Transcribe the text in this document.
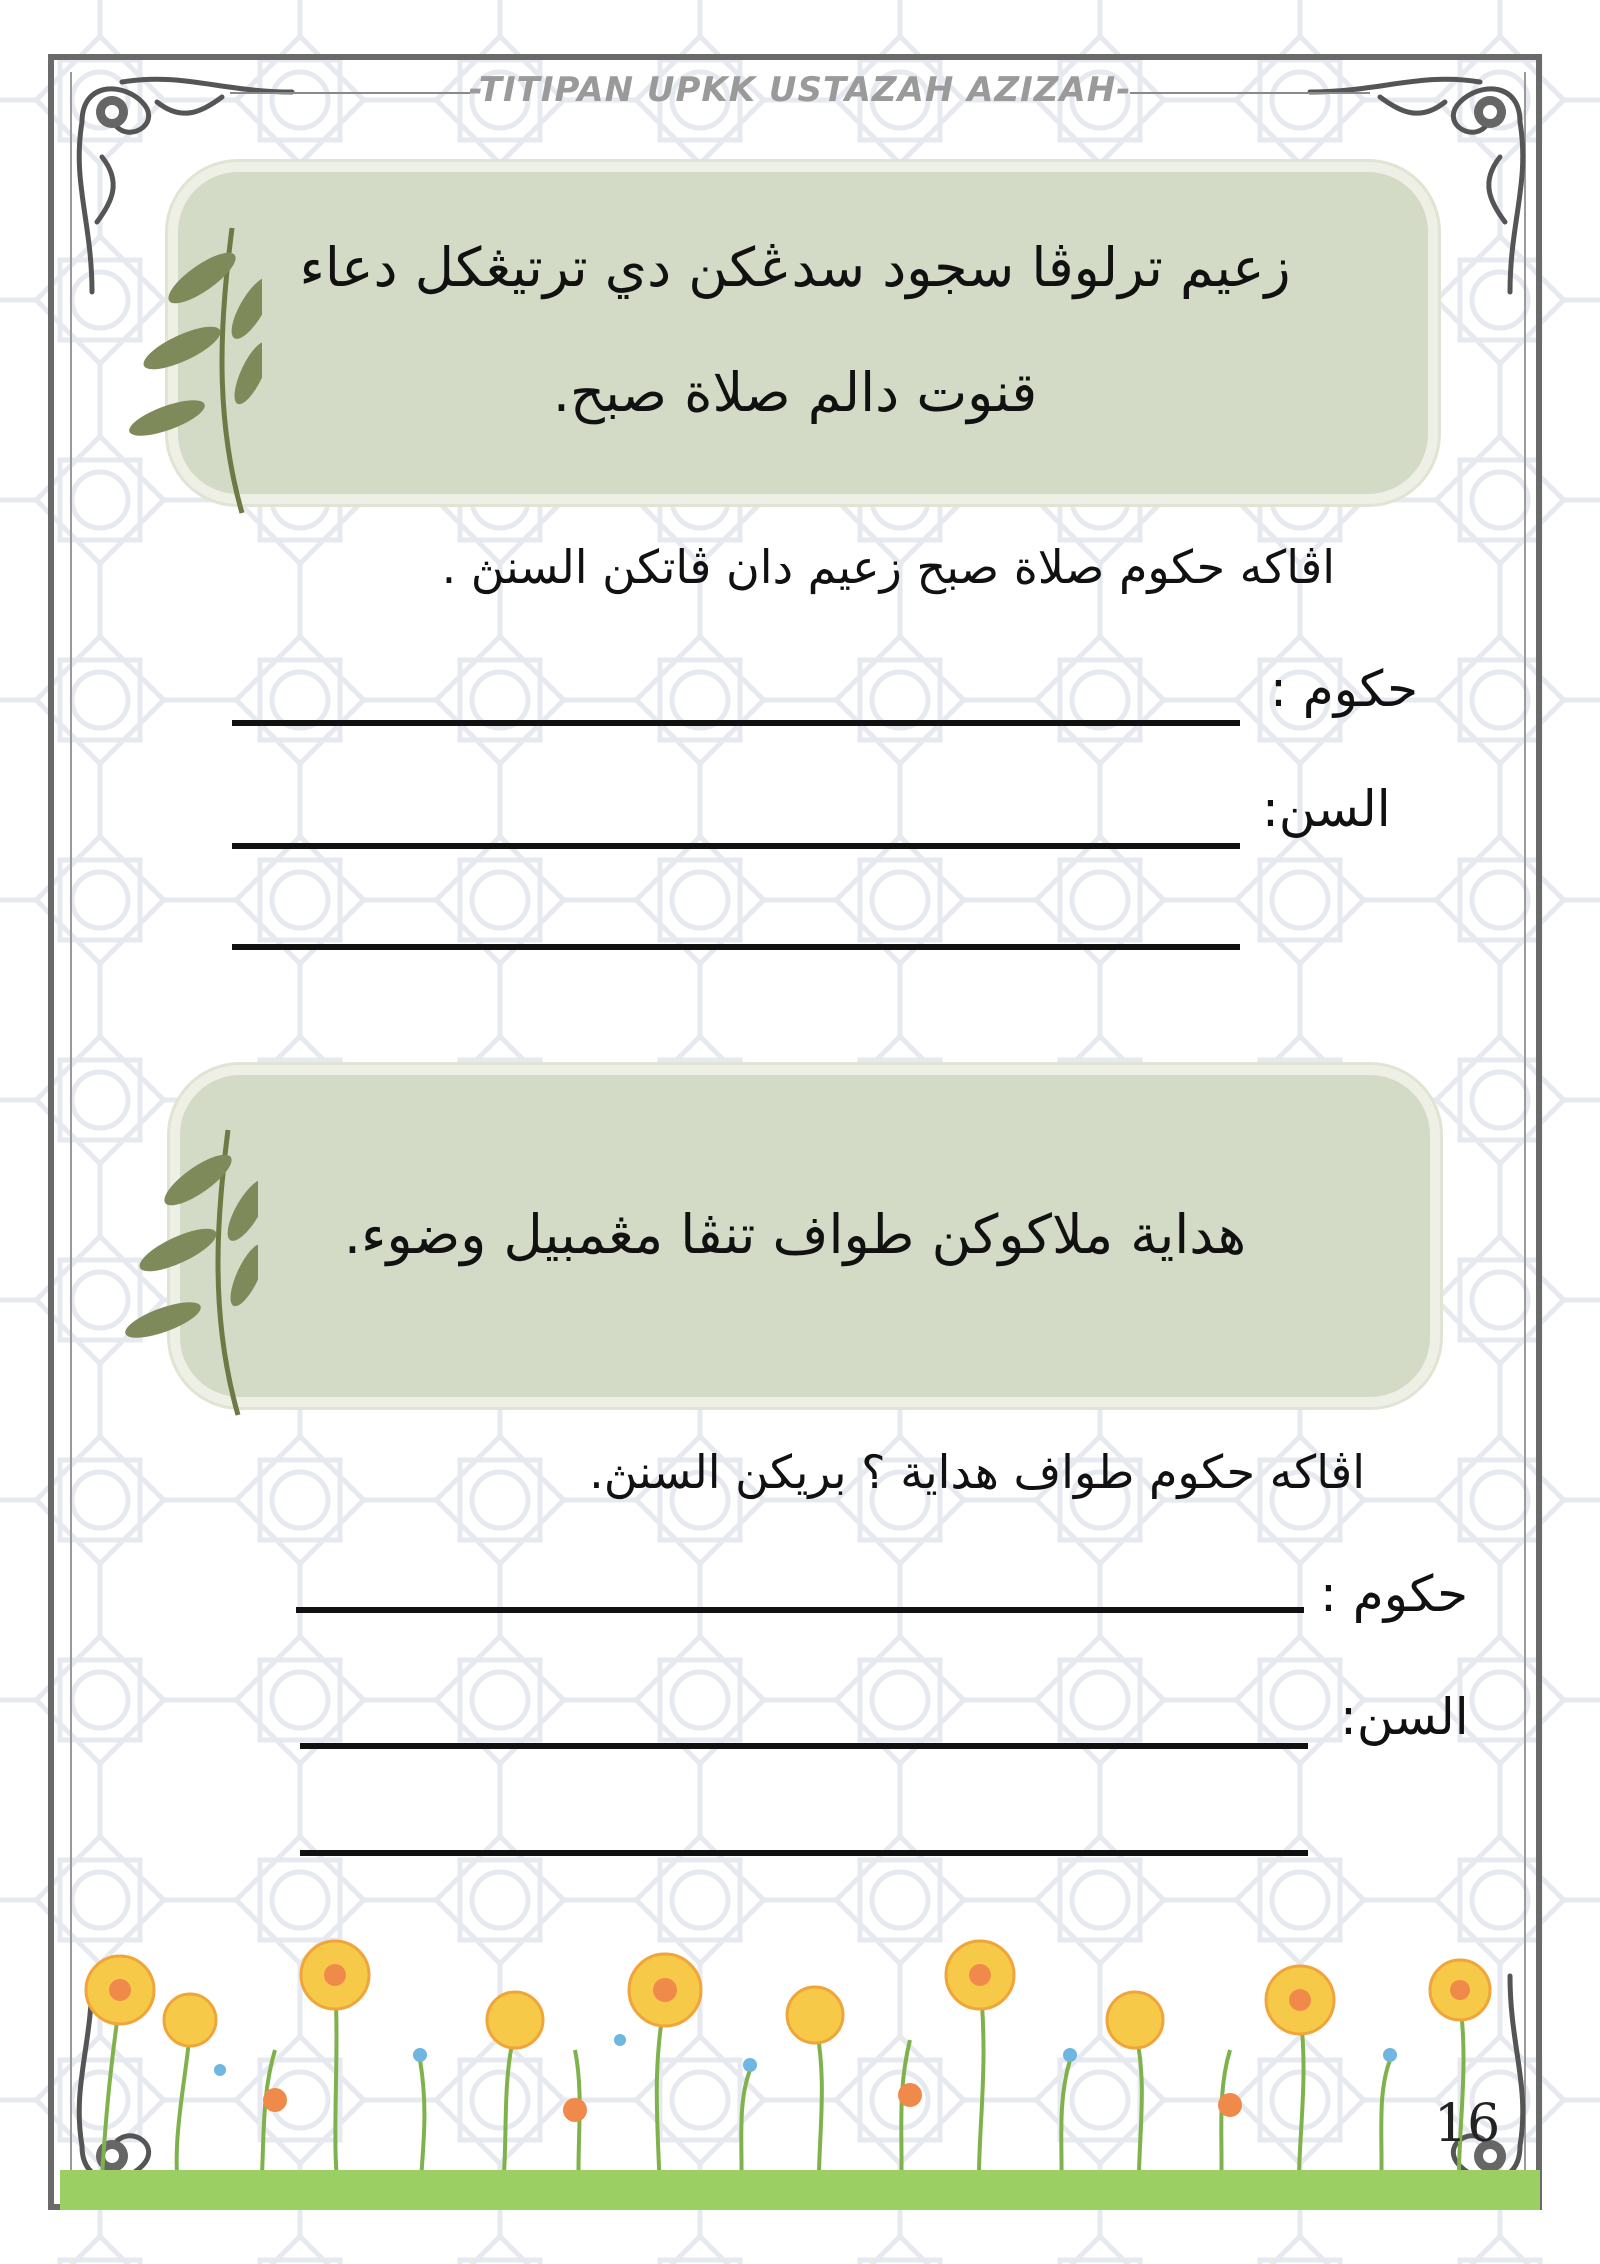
-TITIPAN UPKK USTAZAH AZIZAH-
زعيم ترلوڤا سجود سدڠكن دي ترتيڠكل دعاء
قنوت دالم صلاة صبح.
اڤاكه حكوم صلاة صبح زعيم دان ڤاتكن السنڽ .
حكوم :
السن:
هداية ملاكوكن طواف تنڤا مڠمبيل وضوء.
اڤاكه حكوم طواف هداية ؟ بريكن السنڽ.
حكوم :
السن:
16
